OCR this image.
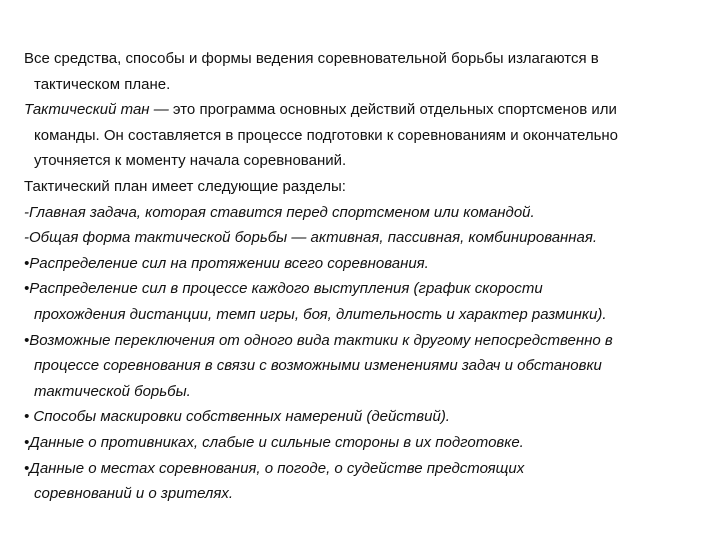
Все средства, способы и формы ведения соревновательной борьбы излагаются в
тактическом плане.

Тактический тан — это программа основных действий отдельных спортсменов или
команды. Он составляется в процессе подготовки к соревнованиям и окончательно
уточняется к моменту начала соревнований.

Тактический план имеет следующие разделы:

-Главная задача, которая ставится перед спортсменом или командой.

-Общая форма тактической борьбы — активная, пассивная, комбинированная.

•Распределение сил на протяжении всего соревнования.

•Распределение сил в процессе каждого выступления (график скорости
прохождения дистанции, темп игры, боя, длительность и характер разминки).

•Возможные переключения от одного вида тактики к другому непосредственно в
процессе соревнования в связи с возможными изменениями задач и обстановки
тактической борьбы.

• Способы маскировки собственных намерений (действий).

•Данные о противниках, слабые и сильные стороны в их подготовке.

•Данные о местах соревнования, о погоде, о судействе предстоящих
соревнований и о зрителях.
